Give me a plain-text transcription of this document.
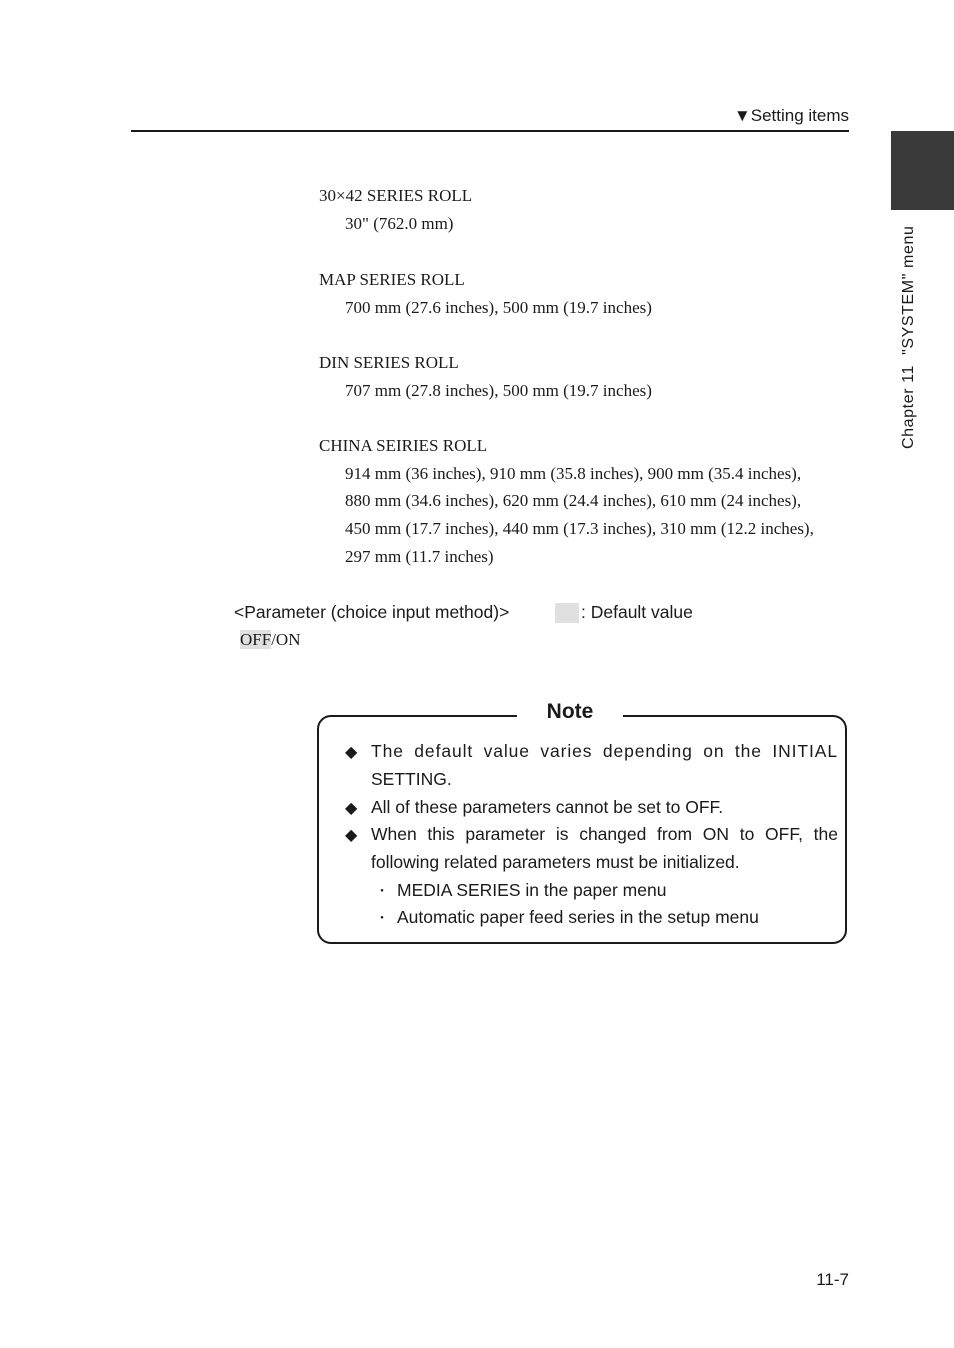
▼Setting items
Chapter 11  "SYSTEM" menu
30×42 SERIES ROLL
30" (762.0 mm)
MAP SERIES ROLL
700 mm (27.6 inches), 500 mm (19.7 inches)
DIN SERIES ROLL
707 mm (27.8 inches), 500 mm (19.7 inches)
CHINA SEIRIES ROLL
914 mm (36 inches), 910 mm (35.8 inches), 900 mm (35.4 inches),
880 mm (34.6 inches), 620 mm (24.4 inches), 610 mm (24 inches),
450 mm (17.7 inches), 440 mm (17.3 inches), 310 mm (12.2 inches),
297 mm (11.7 inches)
<Parameter (choice input method)>	: Default value
OFF/ON
Note
◆ The default value varies depending on the INITIAL
SETTING.
◆ All of these parameters cannot be set to OFF.
◆ When this parameter is changed from ON to OFF, the
following related parameters must be initialized.
・ MEDIA SERIES in the paper menu
・ Automatic paper feed series in the setup menu
11-7
